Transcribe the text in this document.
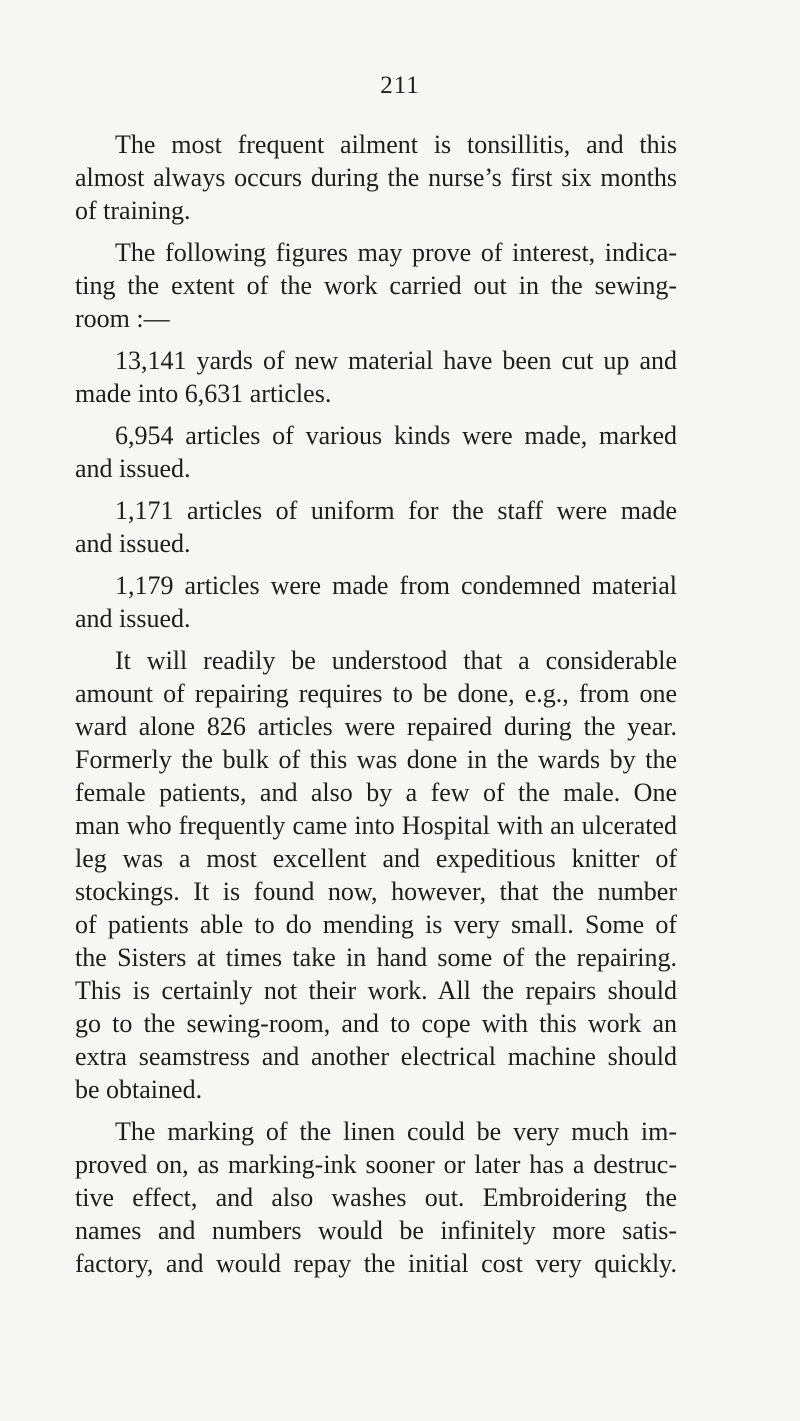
211
The most frequent ailment is tonsillitis, and this
almost always occurs during the nurse’s first six months
of training.
The following figures may prove of interest, indica-
ting the extent of the work carried out in the sewing-
room :—
13,141 yards of new material have been cut up and
made into 6,631 articles.
6,954 articles of various kinds were made, marked
and issued.
1,171 articles of uniform for the staff were made
and issued.
1,179 articles were made from condemned material
and issued.
It will readily be understood that a considerable
amount of repairing requires to be done, e.g., from one
ward alone 826 articles were repaired during the year.
Formerly the bulk of this was done in the wards by the
female patients, and also by a few of the male. One
man who frequently came into Hospital with an ulcerated
leg was a most excellent and expeditious knitter of
stockings. It is found now, however, that the number
of patients able to do mending is very small. Some of
the Sisters at times take in hand some of the repairing.
This is certainly not their work. All the repairs should
go to the sewing-room, and to cope with this work an
extra seamstress and another electrical machine should
be obtained.
The marking of the linen could be very much im-
proved on, as marking-ink sooner or later has a destruc-
tive effect, and also washes out. Embroidering the
names and numbers would be infinitely more satis-
factory, and would repay the initial cost very quickly.
